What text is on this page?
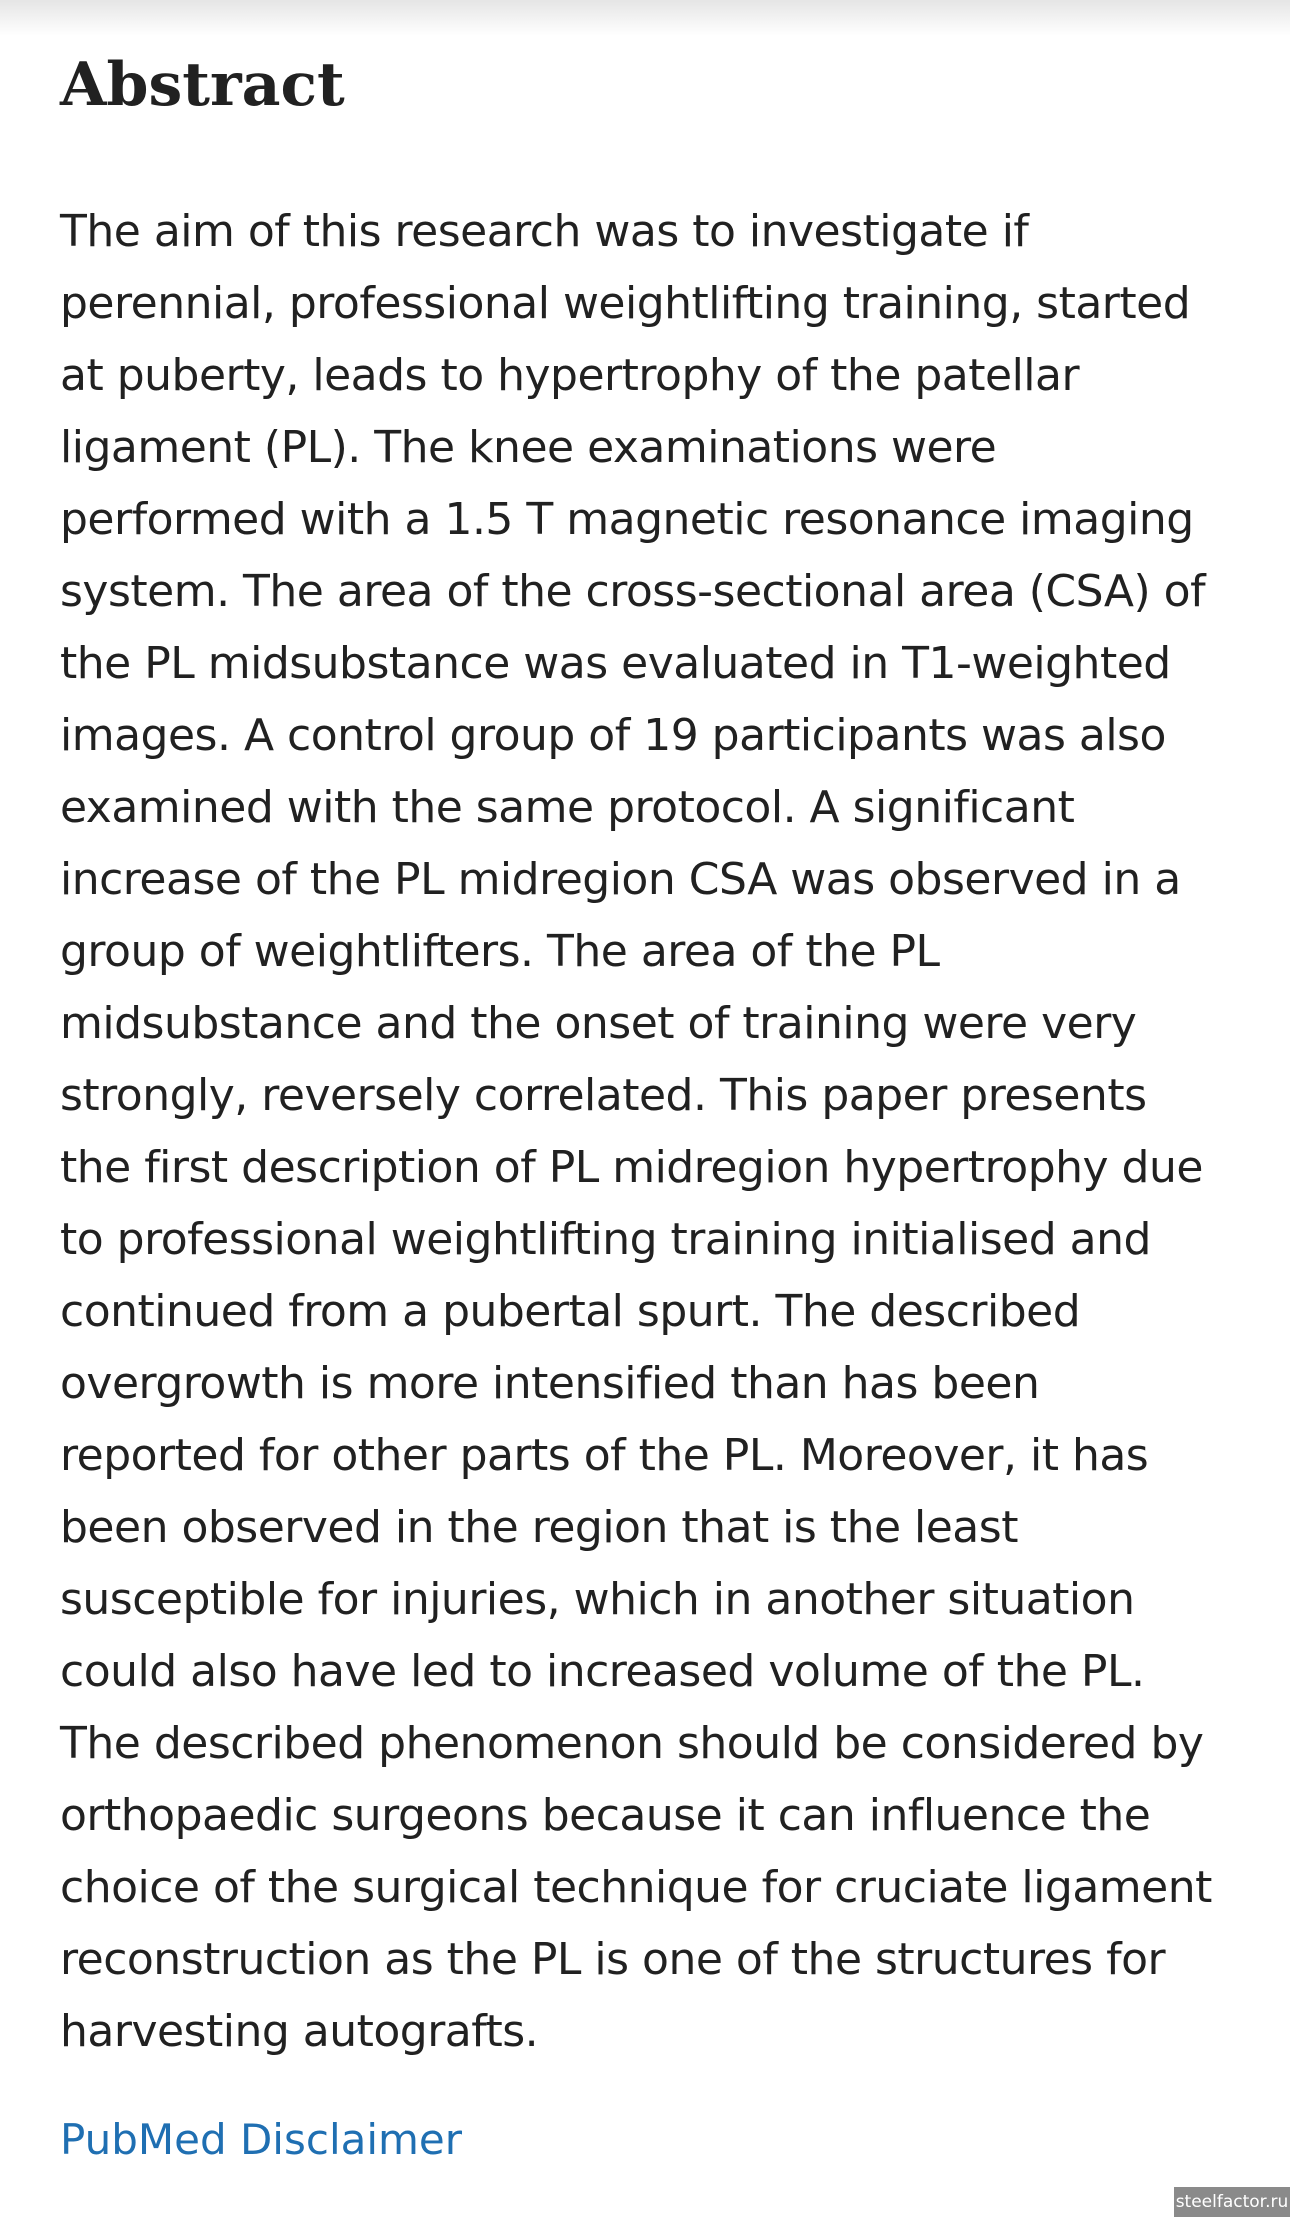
Abstract

The aim of this research was to investigate if
perennial, professional weightlifting training, started
at puberty, leads to hypertrophy of the patellar
ligament (PL). The knee examinations were
performed with a 1.5 T magnetic resonance imaging
system. The area of the cross-sectional area (CSA) of
the PL midsubstance was evaluated in T1-weighted
images. A control group of 19 participants was also
examined with the same protocol. A significant
increase of the PL midregion CSA was observed in a
group of weightlifters. The area of the PL
midsubstance and the onset of training were very
strongly, reversely correlated. This paper presents
the first description of PL midregion hypertrophy due
to professional weightlifting training initialised and
continued from a pubertal spurt. The described
overgrowth is more intensified than has been
reported for other parts of the PL. Moreover, it has
been observed in the region that is the least
susceptible for injuries, which in another situation
could also have led to increased volume of the PL.
The described phenomenon should be considered by
orthopaedic surgeons because it can influence the
choice of the surgical technique for cruciate ligament
reconstruction as the PL is one of the structures for
harvesting autografts.

PubMed Disclaimer
steelfactor.ru
